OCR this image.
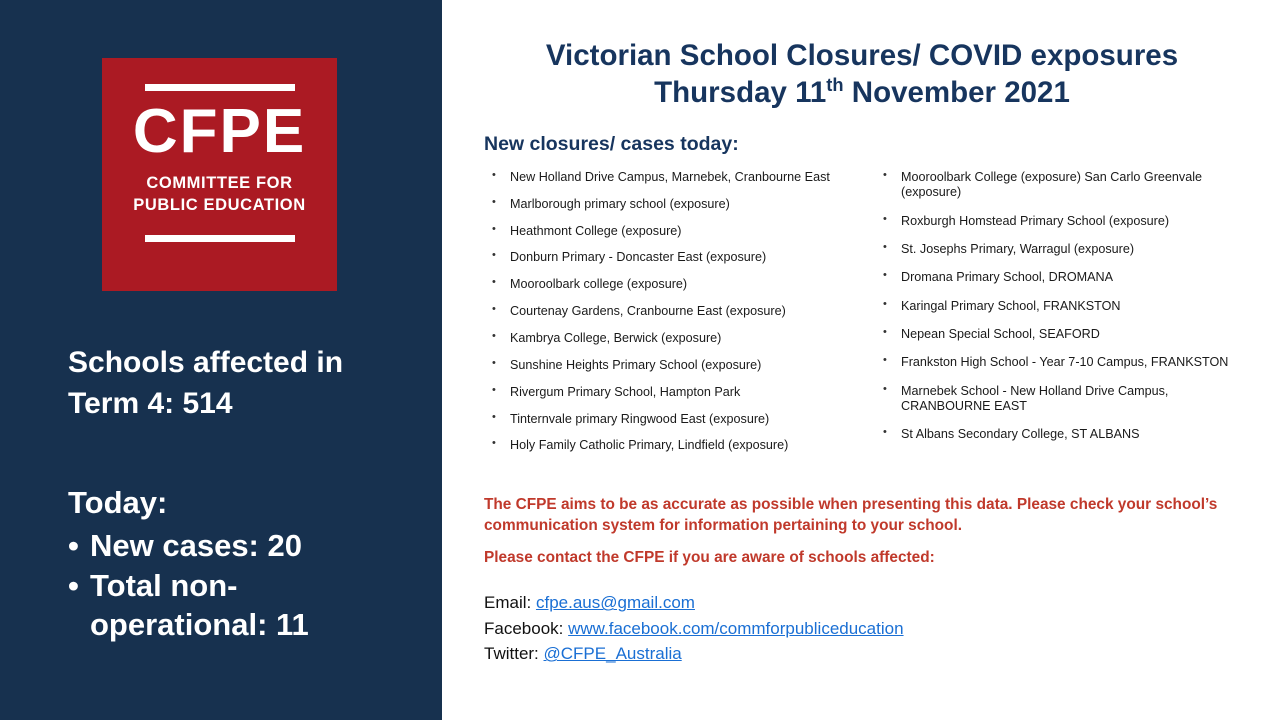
CFPE
COMMITTEE FOR
PUBLIC EDUCATION
Schools affected in Term 4: 514
Today:
• New cases: 20
• Total non-operational: 11
Victorian School Closures/ COVID exposures
Thursday 11th November 2021
New closures/ cases today:
• New Holland Drive Campus, Marnebek, Cranbourne East
• Marlborough primary school (exposure)
• Heathmont College (exposure)
• Donburn Primary - Doncaster East (exposure)
• Mooroolbark college (exposure)
• Courtenay Gardens, Cranbourne East (exposure)
• Kambrya College, Berwick (exposure)
• Sunshine Heights Primary School (exposure)
• Rivergum Primary School, Hampton Park
• Tinternvale primary Ringwood East (exposure)
• Holy Family Catholic Primary, Lindfield (exposure)
• Mooroolbark College (exposure) San Carlo Greenvale (exposure)
• Roxburgh Homstead Primary School (exposure)
• St. Josephs Primary, Warragul (exposure)
• Dromana Primary School, DROMANA
• Karingal Primary School, FRANKSTON
• Nepean Special School, SEAFORD
• Frankston High School - Year 7-10 Campus, FRANKSTON
• Marnebek School - New Holland Drive Campus, CRANBOURNE EAST
• St Albans Secondary College, ST ALBANS

The CFPE aims to be as accurate as possible when presenting this data. Please check your school’s communication system for information pertaining to your school.

Please contact the CFPE if you are aware of schools affected:

Email: cfpe.aus@gmail.com
Facebook: www.facebook.com/commforpubliceducation
Twitter: @CFPE_Australia
